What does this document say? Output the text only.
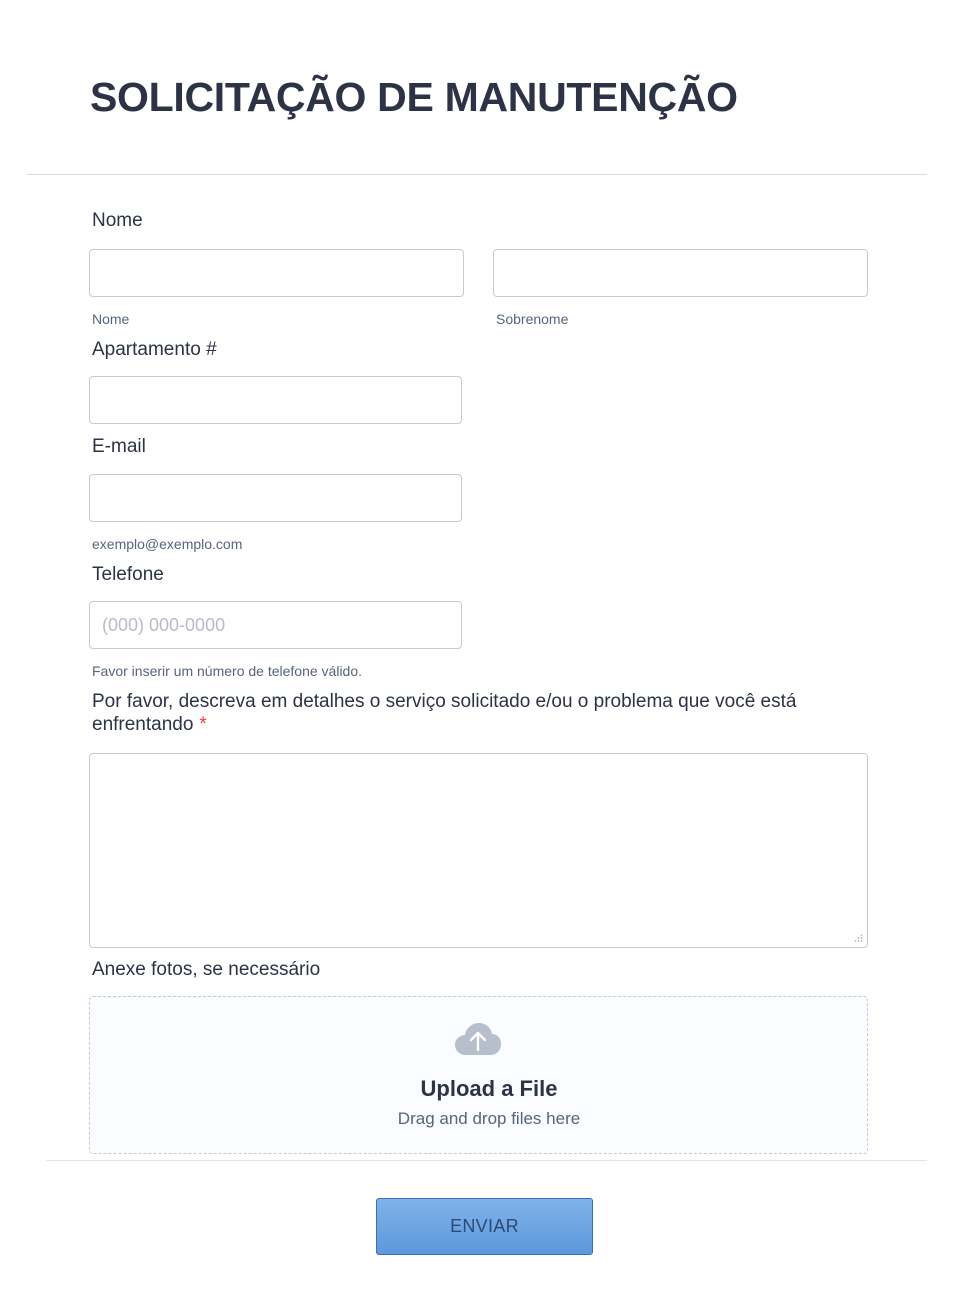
SOLICITAÇÃO DE MANUTENÇÃO
Nome
Nome	Sobrenome
Apartamento #
E-mail
exemplo@exemplo.com
Telefone
(000) 000-0000
Favor inserir um número de telefone válido.
Por favor, descreva em detalhes o serviço solicitado e/ou o problema que você está enfrentando *
Anexe fotos, se necessário
Upload a File
Drag and drop files here
ENVIAR
